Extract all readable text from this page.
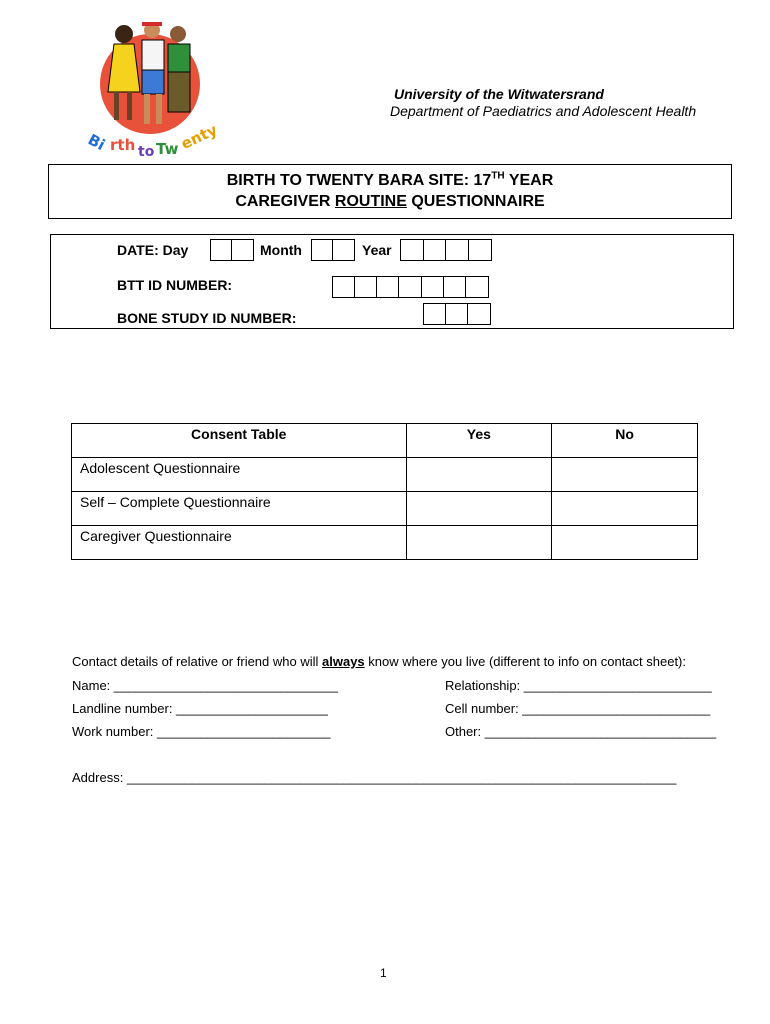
Bi rth to Tw enty
University of the Witwatersrand
Department of Paediatrics and Adolescent Health
BIRTH TO TWENTY BARA SITE: 17TH YEAR
CAREGIVER ROUTINE QUESTIONNAIRE
DATE: Day	Month	Year
BTT ID NUMBER:
BONE STUDY ID NUMBER:
Consent Table	Yes	No
Adolescent Questionnaire		
Self – Complete Questionnaire		
Caregiver Questionnaire		
Contact details of relative or friend who will always know where you live (different to info on contact sheet):
Name: _______________________________	Relationship: __________________________
Landline number: _____________________	Cell number: __________________________
Work number: ________________________	Other: ________________________________
Address: ____________________________________________________________________________
1
